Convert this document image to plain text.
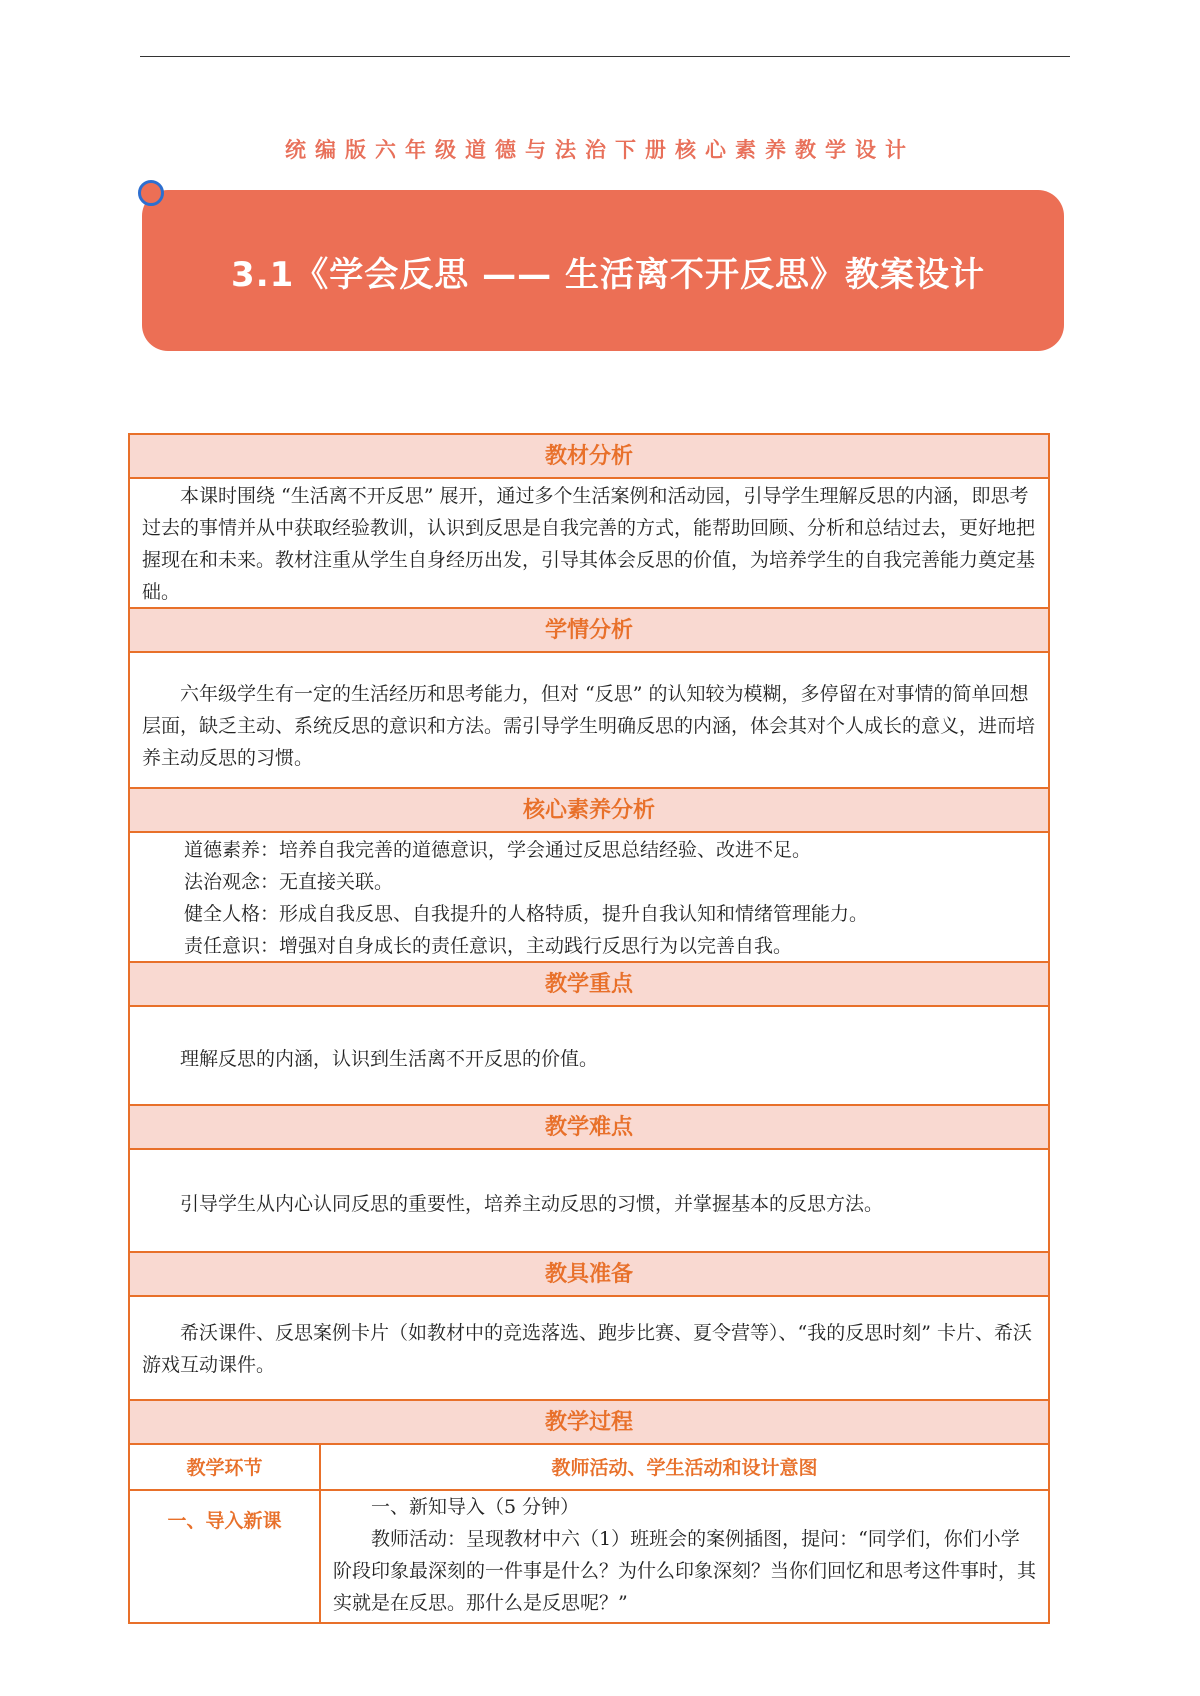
统编版六年级道德与法治下册核心素养教学设计
3.1《学会反思 —— 生活离不开反思》教案设计
教材分析

本课时围绕 “生活离不开反思” 展开，通过多个生活案例和活动园，引导学生理解反思的内涵，即思考过去的事情并从中获取经验教训，认识到反思是自我完善的方式，能帮助回顾、分析和总结过去，更好地把握现在和未来。教材注重从学生自身经历出发，引导其体会反思的价值，为培养学生的自我完善能力奠定基础。

学情分析

六年级学生有一定的生活经历和思考能力，但对 “反思” 的认知较为模糊，多停留在对事情的简单回想层面，缺乏主动、系统反思的意识和方法。需引导学生明确反思的内涵，体会其对个人成长的意义，进而培养主动反思的习惯。

核心素养分析
道德素养：培养自我完善的道德意识，学会通过反思总结经验、改进不足。
法治观念：无直接关联。
健全人格：形成自我反思、自我提升的人格特质，提升自我认知和情绪管理能力。
责任意识：增强对自身成长的责任意识，主动践行反思行为以完善自我。
教学重点

理解反思的内涵，认识到生活离不开反思的价值。

教学难点

引导学生从内心认同反思的重要性，培养主动反思的习惯，并掌握基本的反思方法。

教具准备

希沃课件、反思案例卡片（如教材中的竞选落选、跑步比赛、夏令营等）、“我的反思时刻” 卡片、希沃游戏互动课件。

教学过程
教学环节	教师活动、学生活动和设计意图
一、导入新课

一、新知导入（5 分钟）

教师活动：呈现教材中六（1）班班会的案例插图，提问：“同学们，你们小学阶段印象最深刻的一件事是什么？为什么印象深刻？当你们回忆和思考这件事时，其实就是在反思。那什么是反思呢？”
